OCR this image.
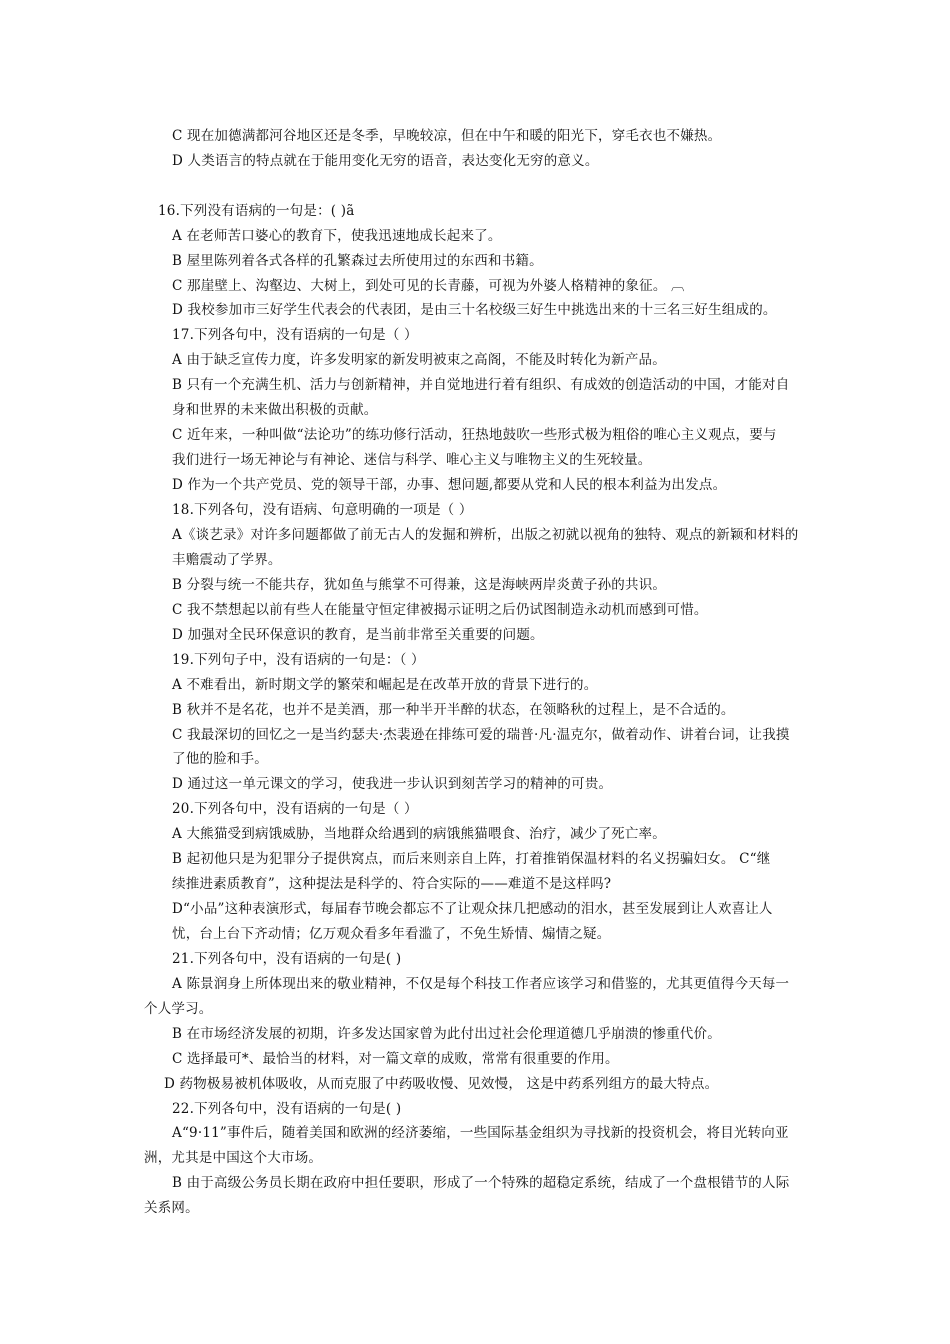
C 现在加德满都河谷地区还是冬季，早晚较凉，但在中午和暖的阳光下，穿毛衣也不嫌热。
D 人类语言的特点就在于能用变化无穷的语音，表达变化无穷的意义。
16.下列没有语病的一句是：( )ã
A 在老师苦口婆心的教育下，使我迅速地成长起来了。
B 屋里陈列着各式各样的孔繁森过去所使用过的东西和书籍。
C 那崖壁上、沟壑边、大树上，到处可见的长青藤，可视为外婆人格精神的象征。 ︹
D 我校参加市三好学生代表会的代表团，是由三十名校级三好生中挑选出来的十三名三好生组成的。
17.下列各句中，没有语病的一句是（ ）
A 由于缺乏宣传力度，许多发明家的新发明被束之高阁，不能及时转化为新产品。
B 只有一个充满生机、活力与创新精神，并自觉地进行着有组织、有成效的创造活动的中国，才能对自
身和世界的未来做出积极的贡献。
C 近年来，一种叫做“法论功”的练功修行活动，狂热地鼓吹一些形式极为粗俗的唯心主义观点，要与
我们进行一场无神论与有神论、迷信与科学、唯心主义与唯物主义的生死较量。
D 作为一个共产党员、党的领导干部，办事、想问题,都要从党和人民的根本利益为出发点。
18.下列各句，没有语病、句意明确的一项是（ ）
A《谈艺录》对许多问题都做了前无古人的发掘和辨析，出版之初就以视角的独特、观点的新颖和材料的
丰赡震动了学界。
B 分裂与统一不能共存，犹如鱼与熊掌不可得兼，这是海峡两岸炎黄子孙的共识。
C 我不禁想起以前有些人在能量守恒定律被揭示证明之后仍试图制造永动机而感到可惜。
D 加强对全民环保意识的教育，是当前非常至关重要的问题。
19.下列句子中，没有语病的一句是：（ ）
A 不难看出，新时期文学的繁荣和崛起是在改革开放的背景下进行的。
B 秋并不是名花，也并不是美酒，那一种半开半醉的状态，在领略秋的过程上，是不合适的。
C 我最深切的回忆之一是当约瑟夫·杰裴逊在排练可爱的瑞普·凡·温克尔，做着动作、讲着台词，让我摸
了他的脸和手。
D 通过这一单元课文的学习，使我进一步认识到刻苦学习的精神的可贵。
20.下列各句中，没有语病的一句是（ ）
A 大熊猫受到病饿威胁，当地群众给遇到的病饿熊猫喂食、治疗，减少了死亡率。
B 起初他只是为犯罪分子提供窝点，而后来则亲自上阵，打着推销保温材料的名义拐骗妇女。 C“继
续推进素质教育”，这种提法是科学的、符合实际的——难道不是这样吗?
D“小品”这种表演形式，每届春节晚会都忘不了让观众抹几把感动的泪水，甚至发展到让人欢喜让人
忧，台上台下齐动情；亿万观众看多年看滥了，不免生矫情、煽情之疑。
21.下列各句中，没有语病的一句是( )
A 陈景润身上所体现出来的敬业精神，不仅是每个科技工作者应该学习和借鉴的，尤其更值得今天每一
个人学习。
B 在市场经济发展的初期，许多发达国家曾为此付出过社会伦理道德几乎崩溃的惨重代价。
C 选择最可*、最恰当的材料，对一篇文章的成败，常常有很重要的作用。
D 药物极易被机体吸收，从而克服了中药吸收慢、见效慢， 这是中药系列组方的最大特点。
22.下列各句中，没有语病的一句是( )
A“9·11”事件后，随着美国和欧洲的经济萎缩，一些国际基金组织为寻找新的投资机会，将目光转向亚
洲，尤其是中国这个大市场。
B 由于高级公务员长期在政府中担任要职，形成了一个特殊的超稳定系统，结成了一个盘根错节的人际
关系网。
